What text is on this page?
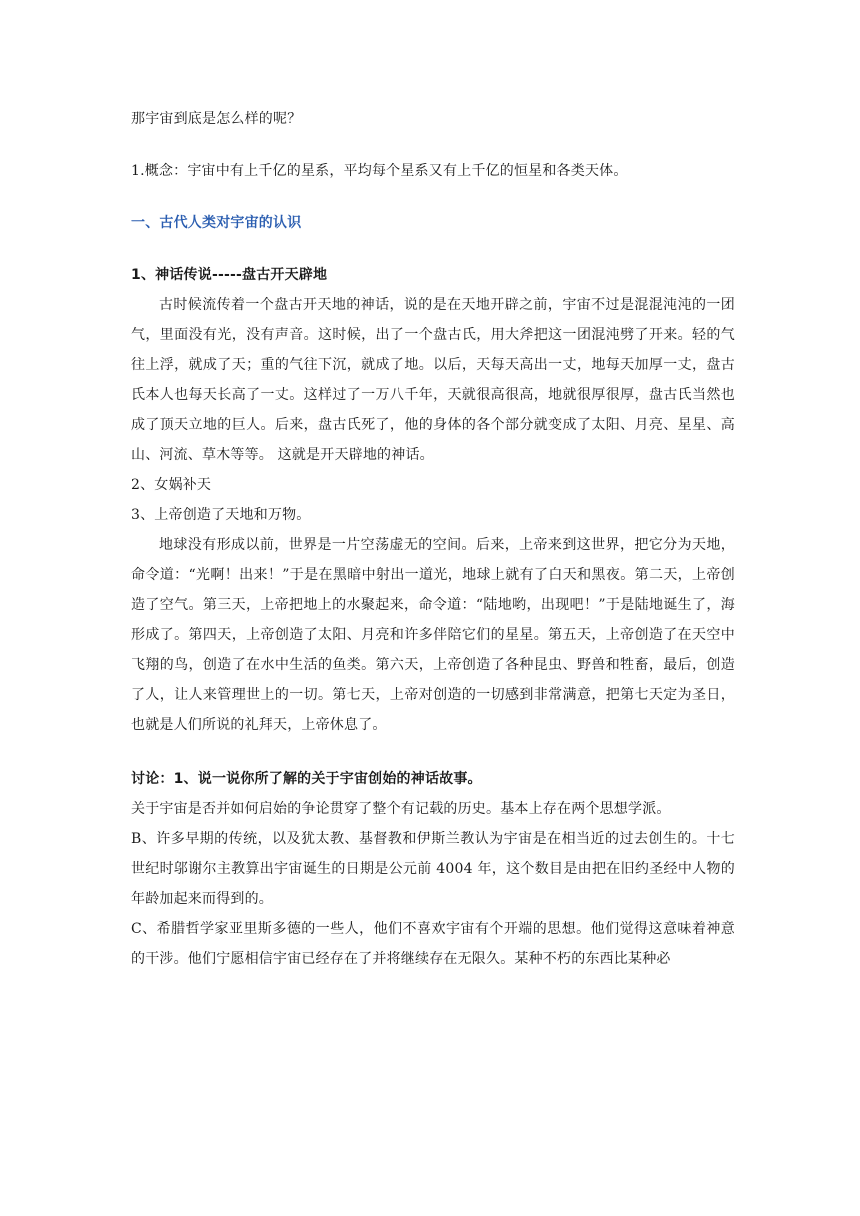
那宇宙到底是怎么样的呢？
1.概念：宇宙中有上千亿的星系，平均每个星系又有上千亿的恒星和各类天体。
一、古代人类对宇宙的认识
1、神话传说-----盘古开天辟地

古时候流传着一个盘古开天地的神话，说的是在天地开辟之前，宇宙不过是混混沌沌的一团气，里面没有光，没有声音。这时候，出了一个盘古氏，用大斧把这一团混沌劈了开来。轻的气往上浮，就成了天；重的气往下沉，就成了地。以后，天每天高出一丈，地每天加厚一丈，盘古氏本人也每天长高了一丈。这样过了一万八千年，天就很高很高，地就很厚很厚，盘古氏当然也成了顶天立地的巨人。后来，盘古氏死了，他的身体的各个部分就变成了太阳、月亮、星星、高山、河流、草木等等。 这就是开天辟地的神话。

2、女娲补天
3、上帝创造了天地和万物。

地球没有形成以前，世界是一片空荡虚无的空间。后来，上帝来到这世界，把它分为天地，命令道：“光啊！出来！”于是在黑暗中射出一道光，地球上就有了白天和黑夜。第二天，上帝创造了空气。第三天，上帝把地上的水聚起来，命令道：“陆地哟，出现吧！”于是陆地诞生了，海形成了。第四天，上帝创造了太阳、月亮和许多伴陪它们的星星。第五天，上帝创造了在天空中飞翔的鸟，创造了在水中生活的鱼类。第六天，上帝创造了各种昆虫、野兽和牲畜，最后，创造了人，让人来管理世上的一切。第七天，上帝对创造的一切感到非常满意，把第七天定为圣日，也就是人们所说的礼拜天，上帝休息了。

讨论：1、说一说你所了解的关于宇宙创始的神话故事。
关于宇宙是否并如何启始的争论贯穿了整个有记载的历史。基本上存在两个思想学派。

B、许多早期的传统，以及犹太教、基督教和伊斯兰教认为宇宙是在相当近的过去创生的。十七世纪时邬谢尔主教算出宇宙诞生的日期是公元前 4004 年，这个数目是由把在旧约圣经中人物的年龄加起来而得到的。

C、希腊哲学家亚里斯多德的一些人，他们不喜欢宇宙有个开端的思想。他们觉得这意味着神意的干涉。他们宁愿相信宇宙已经存在了并将继续存在无限久。某种不朽的东西比某种必
